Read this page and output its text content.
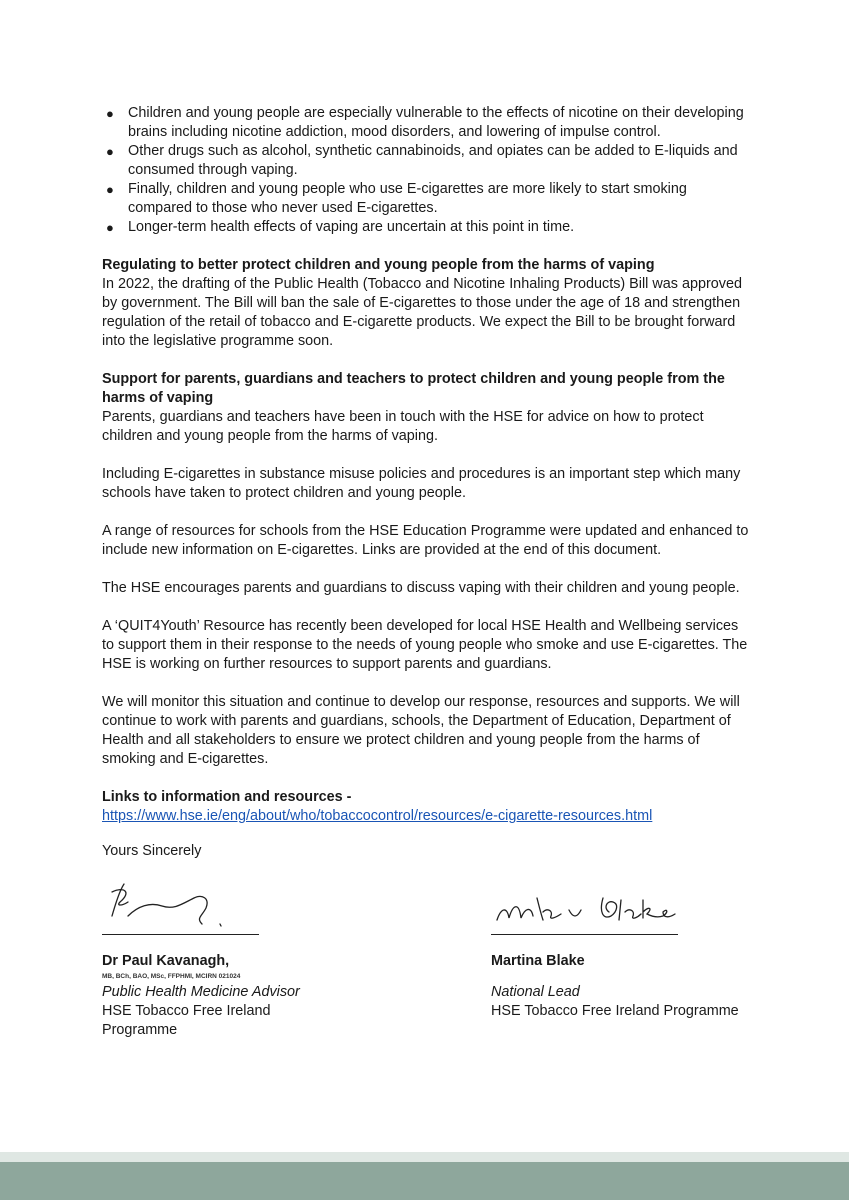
● Children and young people are especially vulnerable to the effects of nicotine on their developing brains including nicotine addiction, mood disorders, and lowering of impulse control.
● Other drugs such as alcohol, synthetic cannabinoids, and opiates can be added to E-liquids and consumed through vaping.
● Finally, children and young people who use E-cigarettes are more likely to start smoking compared to those who never used E-cigarettes.
● Longer-term health effects of vaping are uncertain at this point in time.

Regulating to better protect children and young people from the harms of vaping

In 2022, the drafting of the Public Health (Tobacco and Nicotine Inhaling Products) Bill was approved by government. The Bill will ban the sale of E-cigarettes to those under the age of 18 and strengthen regulation of the retail of tobacco and E-cigarette products. We expect the Bill to be brought forward into the legislative programme soon.

Support for parents, guardians and teachers to protect children and young people from the harms of vaping

Parents, guardians and teachers have been in touch with the HSE for advice on how to protect children and young people from the harms of vaping.

Including E-cigarettes in substance misuse policies and procedures is an important step which many schools have taken to protect children and young people.

A range of resources for schools from the HSE Education Programme were updated and enhanced to include new information on E-cigarettes. Links are provided at the end of this document.

The HSE encourages parents and guardians to discuss vaping with their children and young people.

A ‘QUIT4Youth’ Resource has recently been developed for local HSE Health and Wellbeing services to support them in their response to the needs of young people who smoke and use E-cigarettes. The HSE is working on further resources to support parents and guardians.

We will monitor this situation and continue to develop our response, resources and supports. We will continue to work with parents and guardians, schools, the Department of Education, Department of Health and all stakeholders to ensure we protect children and young people from the harms of smoking and E-cigarettes.

Links to information and resources -

https://www.hse.ie/eng/about/who/tobaccocontrol/resources/e-cigarette-resources.html

Yours Sincerely

Dr Paul Kavanagh,

MB, BCh, BAO, MSc, FFPHMI, MCIRN 021024

Public Health Medicine Advisor

HSE Tobacco Free Ireland Programme

Martina Blake

National Lead

HSE Tobacco Free Ireland Programme
